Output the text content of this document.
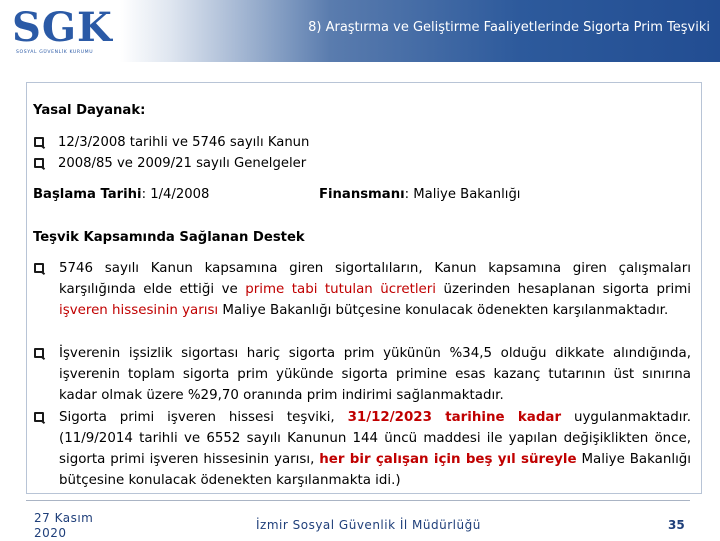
SGK
SOSYAL GÜVENLİK KURUMU
8) Araştırma ve Geliştirme Faaliyetlerinde Sigorta Prim Teşviki
Yasal Dayanak:
12/3/2008 tarihli ve 5746 sayılı Kanun
2008/85 ve 2009/21 sayılı Genelgeler
Başlama Tarihi: 1/4/2008	Finansmanı: Maliye Bakanlığı
Teşvik Kapsamında Sağlanan Destek
5746 sayılı Kanun kapsamına giren sigortalıların, Kanun kapsamına giren çalışmaları karşılığında elde ettiği ve prime tabi tutulan ücretleri üzerinden hesaplanan sigorta primi işveren hissesinin yarısı Maliye Bakanlığı bütçesine konulacak ödenekten karşılanmaktadır.
İşverenin işsizlik sigortası hariç sigorta prim yükünün %34,5 olduğu dikkate alındığında, işverenin toplam sigorta prim yükünde sigorta primine esas kazanç tutarının üst sınırına kadar olmak üzere %29,70 oranında prim indirimi sağlanmaktadır.
Sigorta primi işveren hissesi teşviki, 31/12/2023 tarihine kadar uygulanmaktadır. (11/9/2014 tarihli ve 6552 sayılı Kanunun 144 üncü maddesi ile yapılan değişiklikten önce, sigorta primi işveren hissesinin yarısı, her bir çalışan için beş yıl süreyle Maliye Bakanlığı bütçesine konulacak ödenekten karşılanmakta idi.)
27 Kasım
2020
İzmir Sosyal Güvenlik İl Müdürlüğü	35
